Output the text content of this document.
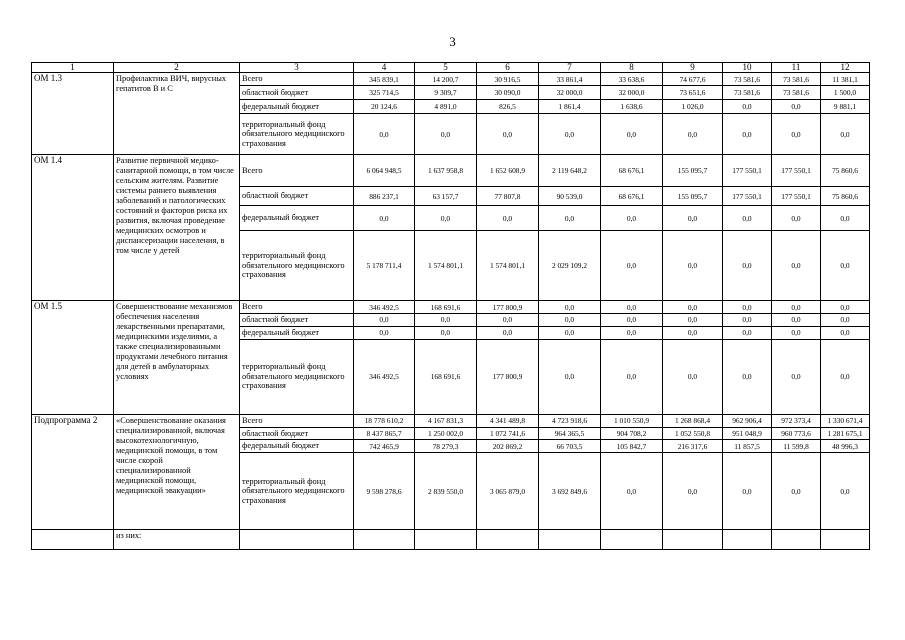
3
1	2	3	4	5	6	7	8	9	10	11	12
ОМ 1.3	Профилактика ВИЧ, вирусных гепатитов В и С	Всего	345 839,1	14 200,7	30 916,5	33 861,4	33 638,6	74 677,6	73 581,6	73 581,6	11 381,1
		областной бюджет	325 714,5	9 309,7	30 090,0	32 000,0	32 000,0	73 651,6	73 581,6	73 581,6	1 500,0
		федеральный бюджет	20 124,6	4 891,0	826,5	1 861,4	1 638,6	1 026,0	0,0	0,0	9 881,1
		территориальный фонд обязательного медицинского страхования	0,0	0,0	0,0	0,0	0,0	0,0	0,0	0,0	0,0
ОМ 1.4	Развитие первичной медико-санитарной помощи, в том числе сельским жителям. Развитие системы раннего выявления заболеваний и патологических состояний и факторов риска их развития, включая проведение медицинских осмотров и диспансеризации населения, в том числе у детей	Всего	6 064 948,5	1 637 958,8	1 652 608,9	2 119 648,2	68 676,1	155 095,7	177 550,1	177 550,1	75 860,6
		областной бюджет	886 237,1	63 157,7	77 807,8	90 539,0	68 676,1	155 095,7	177 550,1	177 550,1	75 860,6
		федеральный бюджет	0,0	0,0	0,0	0,0	0,0	0,0	0,0	0,0	0,0
		территориальный фонд обязательного медицинского страхования	5 178 711,4	1 574 801,1	1 574 801,1	2 029 109,2	0,0	0,0	0,0	0,0	0,0
ОМ 1.5	Совершенствование механизмов обеспечения населения лекарственными препаратами, медицинскими изделиями, а также специализированными продуктами лечебного питания для детей в амбулаторных условиях	Всего	346 492,5	168 691,6	177 800,9	0,0	0,0	0,0	0,0	0,0	0,0
		областной бюджет	0,0	0,0	0,0	0,0	0,0	0,0	0,0	0,0	0,0
		федеральный бюджет	0,0	0,0	0,0	0,0	0,0	0,0	0,0	0,0	0,0
		территориальный фонд обязательного медицинского страхования	346 492,5	168 691,6	177 800,9	0,0	0,0	0,0	0,0	0,0	0,0
Подпрограмма 2	«Совершенствование оказания специализированной, включая высокотехнологичную, медицинской помощи, в том числе скорой специализированной медицинской помощи, медицинской эвакуации»	Всего	18 778 610,2	4 167 831,3	4 341 489,8	4 723 918,6	1 010 550,9	1 268 868,4	962 906,4	972 373,4	1 330 671,4
		областной бюджет	8 437 865,7	1 250 002,0	1 072 741,6	964 365,5	904 708,2	1 052 550,8	951 048,9	960 773,6	1 281 675,1
		федеральный бюджет	742 465,9	78 279,3	202 869,2	66 703,5	105 842,7	216 317,6	11 857,5	11 599,8	48 996,3
		территориальный фонд обязательного медицинского страхования	9 598 278,6	2 839 550,0	3 065 879,0	3 692 849,6	0,0	0,0	0,0	0,0	0,0
	из них:										
